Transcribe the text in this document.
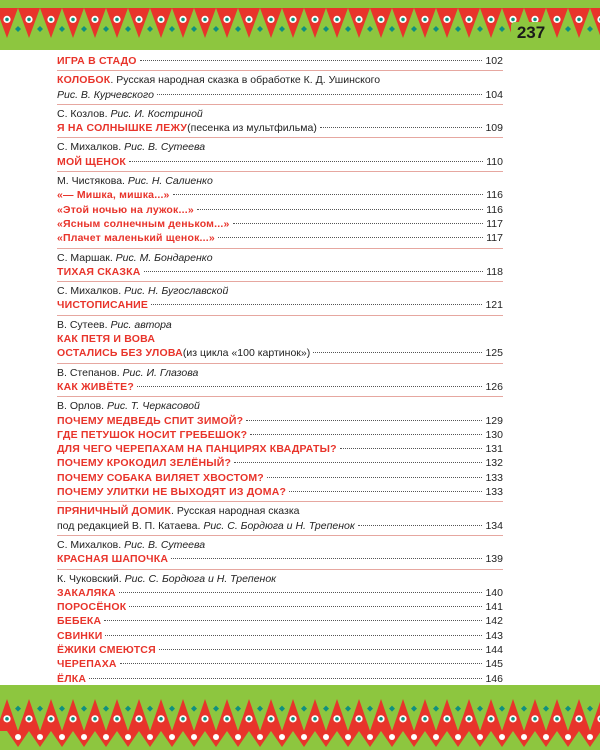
237
ИГРА В СТАДО	102
КОЛОБОК . Русская народная сказка в обработке К. Д. Ушинского
Рис. В. Курчевского	104
С. Козлов.
Рис. И. Костриной
Я НА СОЛНЫШКЕ ЛЕЖУ (песенка из мультфильма)	109
С. Михалков.
Рис. В. Сутеева
МОЙ ЩЕНОК	110
М. Чистякова.
Рис. Н. Салиенко
«— Мишка, мишка...»	116
«Этой ночью на лужок...»	116
«Ясным солнечным деньком...»	117
«Плачет маленький щенок...»	117
С. Маршак.
Рис. М. Бондаренко
ТИХАЯ СКАЗКА	118
С. Михалков.
Рис. Н. Бугославской
ЧИСТОПИСАНИЕ	121
В. Сутеев.
Рис. автора
КАК ПЕТЯ И ВОВА
ОСТАЛИСЬ БЕЗ УЛОВА (из цикла «100 картинок»)	125
В. Степанов.
Рис. И. Глазова
КАК ЖИВЁТЕ?	126
В. Орлов.
Рис. Т. Черкасовой
ПОЧЕМУ МЕДВЕДЬ СПИТ ЗИМОЙ?	129
ГДЕ ПЕТУШОК НОСИТ ГРЕБЕШОК?	130
ДЛЯ ЧЕГО ЧЕРЕПАХАМ НА ПАНЦИРЯХ КВАДРАТЫ?	131
ПОЧЕМУ КРОКОДИЛ ЗЕЛЁНЫЙ?	132
ПОЧЕМУ СОБАКА ВИЛЯЕТ ХВОСТОМ?	133
ПОЧЕМУ УЛИТКИ НЕ ВЫХОДЯТ ИЗ ДОМА?	133
ПРЯНИЧНЫЙ ДОМИК . Русская народная сказка
под редакцией В. П. Катаева.
Рис. С. Бордюга и Н. Трепенок	134
С. Михалков.
Рис. В. Сутеева
КРАСНАЯ ШАПОЧКА	139
К. Чуковский.
Рис. С. Бордюга и Н. Трепенок
ЗАКАЛЯКА	140
ПОРОСЁНОК	141
БЕБЕКА	142
СВИНКИ	143
ЁЖИКИ СМЕЮТСЯ	144
ЧЕРЕПАХА	145
ЁЛКА	146
